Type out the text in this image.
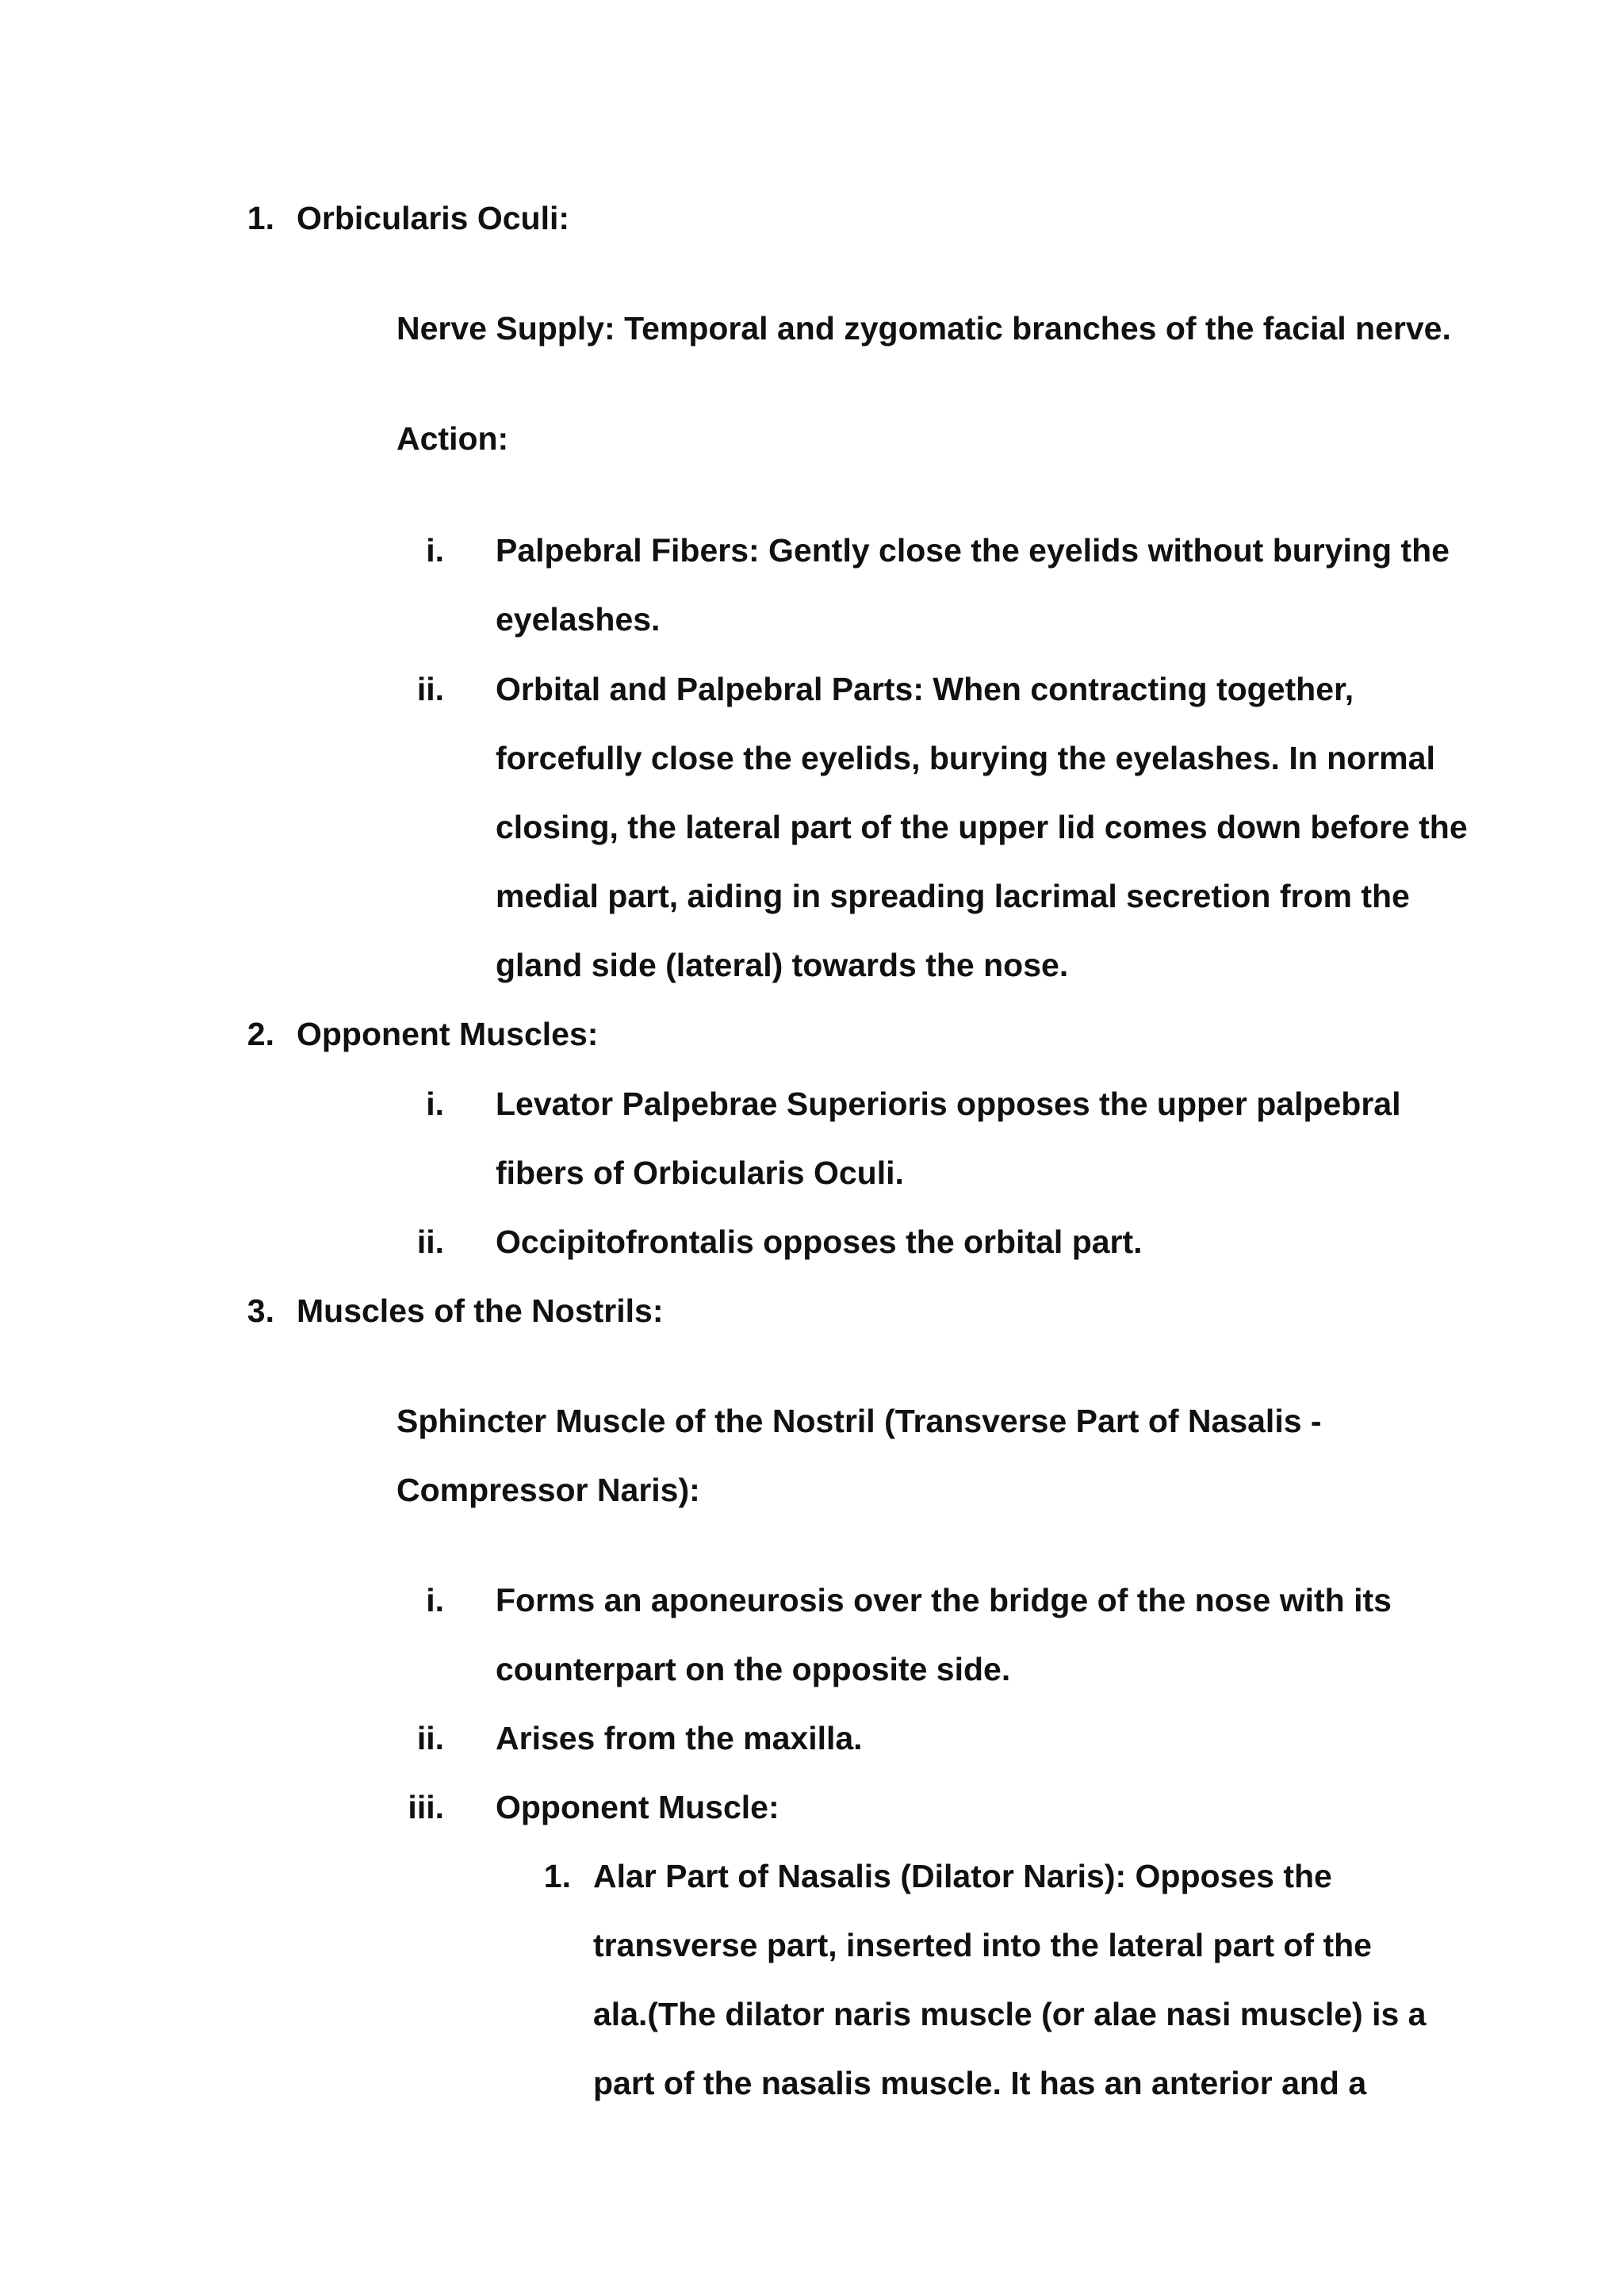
1. Orbicularis Oculi:
Nerve Supply: Temporal and zygomatic branches of the facial nerve.
Action:
i. Palpebral Fibers: Gently close the eyelids without burying the
eyelashes.
ii. Orbital and Palpebral Parts: When contracting together,
forcefully close the eyelids, burying the eyelashes. In normal
closing, the lateral part of the upper lid comes down before the
medial part, aiding in spreading lacrimal secretion from the
gland side (lateral) towards the nose.
2. Opponent Muscles:
i. Levator Palpebrae Superioris opposes the upper palpebral
fibers of Orbicularis Oculi.
ii. Occipitofrontalis opposes the orbital part.
3. Muscles of the Nostrils:
Sphincter Muscle of the Nostril (Transverse Part of Nasalis -
Compressor Naris):
i. Forms an aponeurosis over the bridge of the nose with its
counterpart on the opposite side.
ii. Arises from the maxilla.
iii. Opponent Muscle:
1. Alar Part of Nasalis (Dilator Naris): Opposes the
transverse part, inserted into the lateral part of the
ala.(The dilator naris muscle (or alae nasi muscle) is a
part of the nasalis muscle. It has an anterior and a
